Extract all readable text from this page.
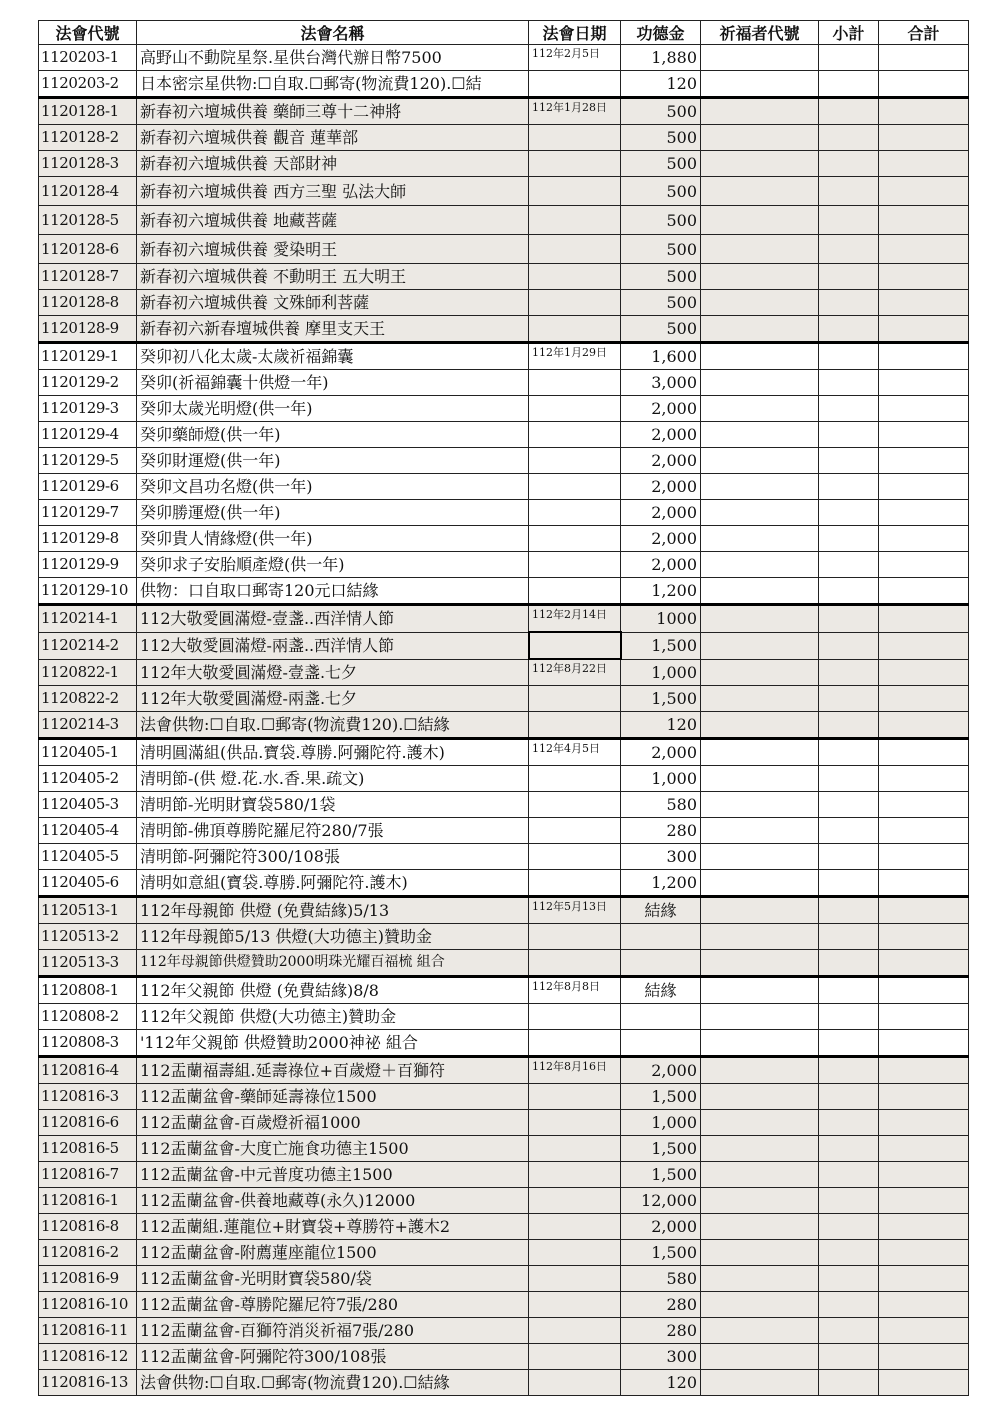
法會代號	法會名稱	法會日期	功德金	祈福者代號	小計	合計
1120203-1	高野山不動院星祭.星供台灣代辦日幣7500	112年2月5日	1,880			
1120203-2	日本密宗星供物:☐自取.☐郵寄(物流費120).☐結		120			
1120128-1	新春初六壇城供養 藥師三尊十二神將	112年1月28日	500			
1120128-2	新春初六壇城供養 觀音 蓮華部		500			
1120128-3	新春初六壇城供養 天部財神		500			
1120128-4	新春初六壇城供養 西方三聖 弘法大師		500			
1120128-5	新春初六壇城供養 地藏菩薩		500			
1120128-6	新春初六壇城供養 愛染明王		500			
1120128-7	新春初六壇城供養 不動明王 五大明王		500			
1120128-8	新春初六壇城供養 文殊師利菩薩		500			
1120128-9	新春初六新春壇城供養 摩里支天王		500			
1120129-1	癸卯初八化太歲-太歲祈福錦囊	112年1月29日	1,600			
1120129-2	癸卯(祈福錦囊十供燈一年)		3,000			
1120129-3	癸卯太歲光明燈(供一年)		2,000			
1120129-4	癸卯藥師燈(供一年)		2,000			
1120129-5	癸卯財運燈(供一年)		2,000			
1120129-6	癸卯文昌功名燈(供一年)		2,000			
1120129-7	癸卯勝運燈(供一年)		2,000			
1120129-8	癸卯貴人情緣燈(供一年)		2,000			
1120129-9	癸卯求子安胎順產燈(供一年)		2,000			
1120129-10	供物：口自取口郵寄120元口結緣		1,200			
1120214-1	112大敬愛圓滿燈-壹盞..西洋情人節	112年2月14日	1000			
1120214-2	112大敬愛圓滿燈-兩盞..西洋情人節		1,500			
1120822-1	112年大敬愛圓滿燈-壹盞.七夕	112年8月22日	1,000			
1120822-2	112年大敬愛圓滿燈-兩盞.七夕		1,500			
1120214-3	法會供物:☐自取.☐郵寄(物流費120).☐結緣		120			
1120405-1	清明圓滿組(供品.寶袋.尊勝.阿彌陀符.護木)	112年4月5日	2,000			
1120405-2	清明節-(供 燈.花.水.香.果.疏文)		1,000			
1120405-3	清明節-光明財寶袋580/1袋		580			
1120405-4	清明節-佛頂尊勝陀羅尼符280/7張		280			
1120405-5	清明節-阿彌陀符300/108張		300			
1120405-6	清明如意組(寶袋.尊勝.阿彌陀符.護木)		1,200			
1120513-1	112年母親節 供燈 (免費結緣)5/13	112年5月13日	結緣			
1120513-2	112年母親節5/13 供燈(大功德主)贊助金					
1120513-3	112年母親節供燈贊助2000明珠光耀百福梳 組合					
1120808-1	112年父親節 供燈 (免費結緣)8/8	112年8月8日	結緣			
1120808-2	112年父親節 供燈(大功德主)贊助金					
1120808-3	'112年父親節 供燈贊助2000神祕 組合					
1120816-4	112盂蘭福壽組.延壽祿位+百歲燈＋百獅符	112年8月16日	2,000			
1120816-3	112盂蘭盆會-藥師延壽祿位1500		1,500			
1120816-6	112盂蘭盆會-百歲燈祈福1000		1,000			
1120816-5	112盂蘭盆會-大度亡施食功德主1500		1,500			
1120816-7	112盂蘭盆會-中元普度功德主1500		1,500			
1120816-1	112盂蘭盆會-供養地藏尊(永久)12000		12,000			
1120816-8	112盂蘭組.蓮龍位+財寶袋+尊勝符+護木2		2,000			
1120816-2	112盂蘭盆會-附薦蓮座龍位1500		1,500			
1120816-9	112盂蘭盆會-光明財寶袋580/袋		580			
1120816-10	112盂蘭盆會-尊勝陀羅尼符7張/280		280			
1120816-11	112盂蘭盆會-百獅符消災祈福7張/280		280			
1120816-12	112盂蘭盆會-阿彌陀符300/108張		300			
1120816-13	法會供物:☐自取.☐郵寄(物流費120).☐結緣		120			
